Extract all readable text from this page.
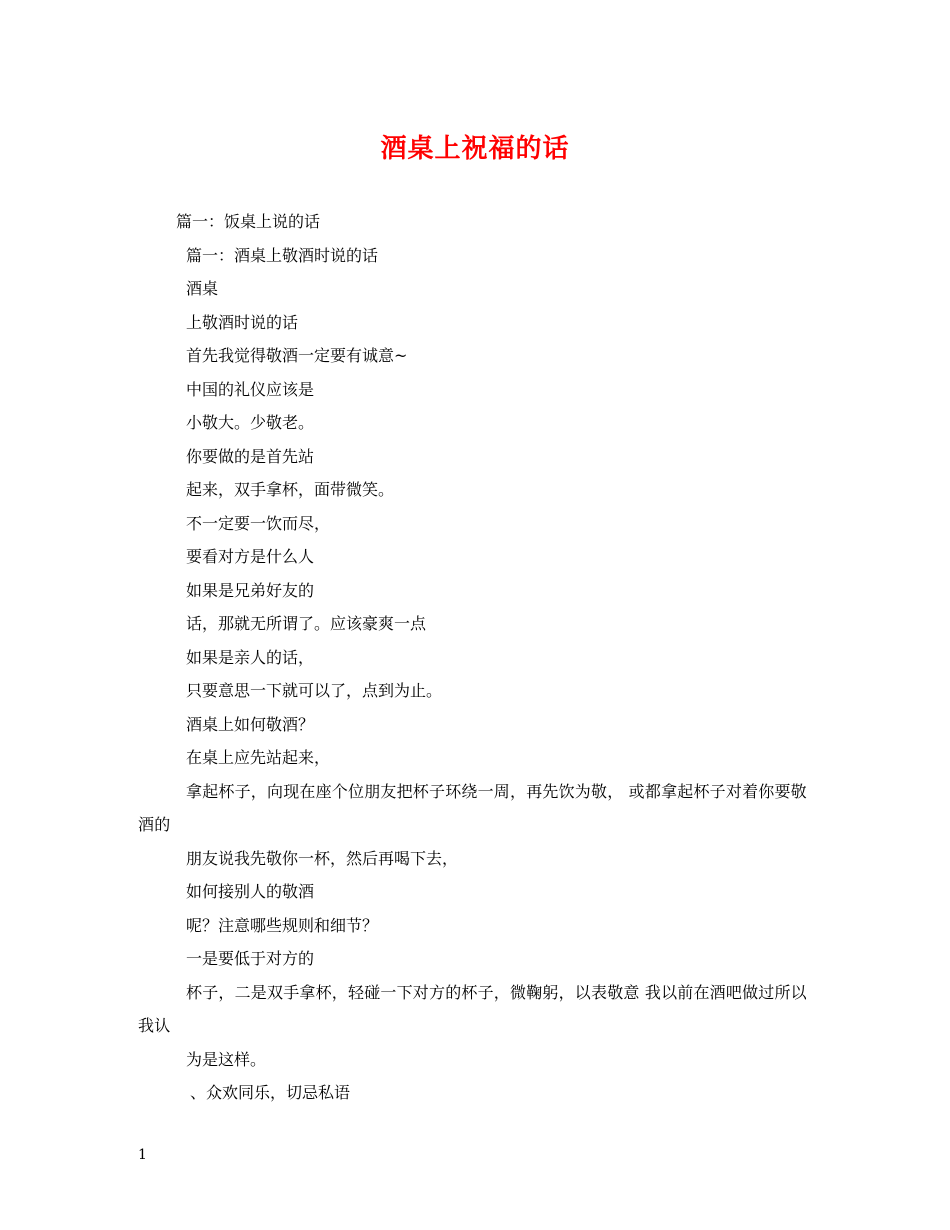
酒桌上祝福的话
篇一：饭桌上说的话
篇一：酒桌上敬酒时说的话
酒桌
上敬酒时说的话
首先我觉得敬酒一定要有诚意~
中国的礼仪应该是
小敬大。少敬老。
你要做的是首先站
起来，双手拿杯，面带微笑。
不一定要一饮而尽，
要看对方是什么人
如果是兄弟好友的
话，那就无所谓了。应该豪爽一点
如果是亲人的话，
只要意思一下就可以了，点到为止。
酒桌上如何敬酒？
在桌上应先站起来，
拿起杯子，向现在座个位朋友把杯子环绕一周，再先饮为敬， 或都拿起杯子对着你要敬酒的
朋友说我先敬你一杯，然后再喝下去，
如何接别人的敬酒
呢？注意哪些规则和细节？
一是要低于对方的
杯子，二是双手拿杯，轻碰一下对方的杯子，微鞠躬，以表敬意 我以前在酒吧做过所以我认
为是这样。
、众欢同乐，切忌私语
1
